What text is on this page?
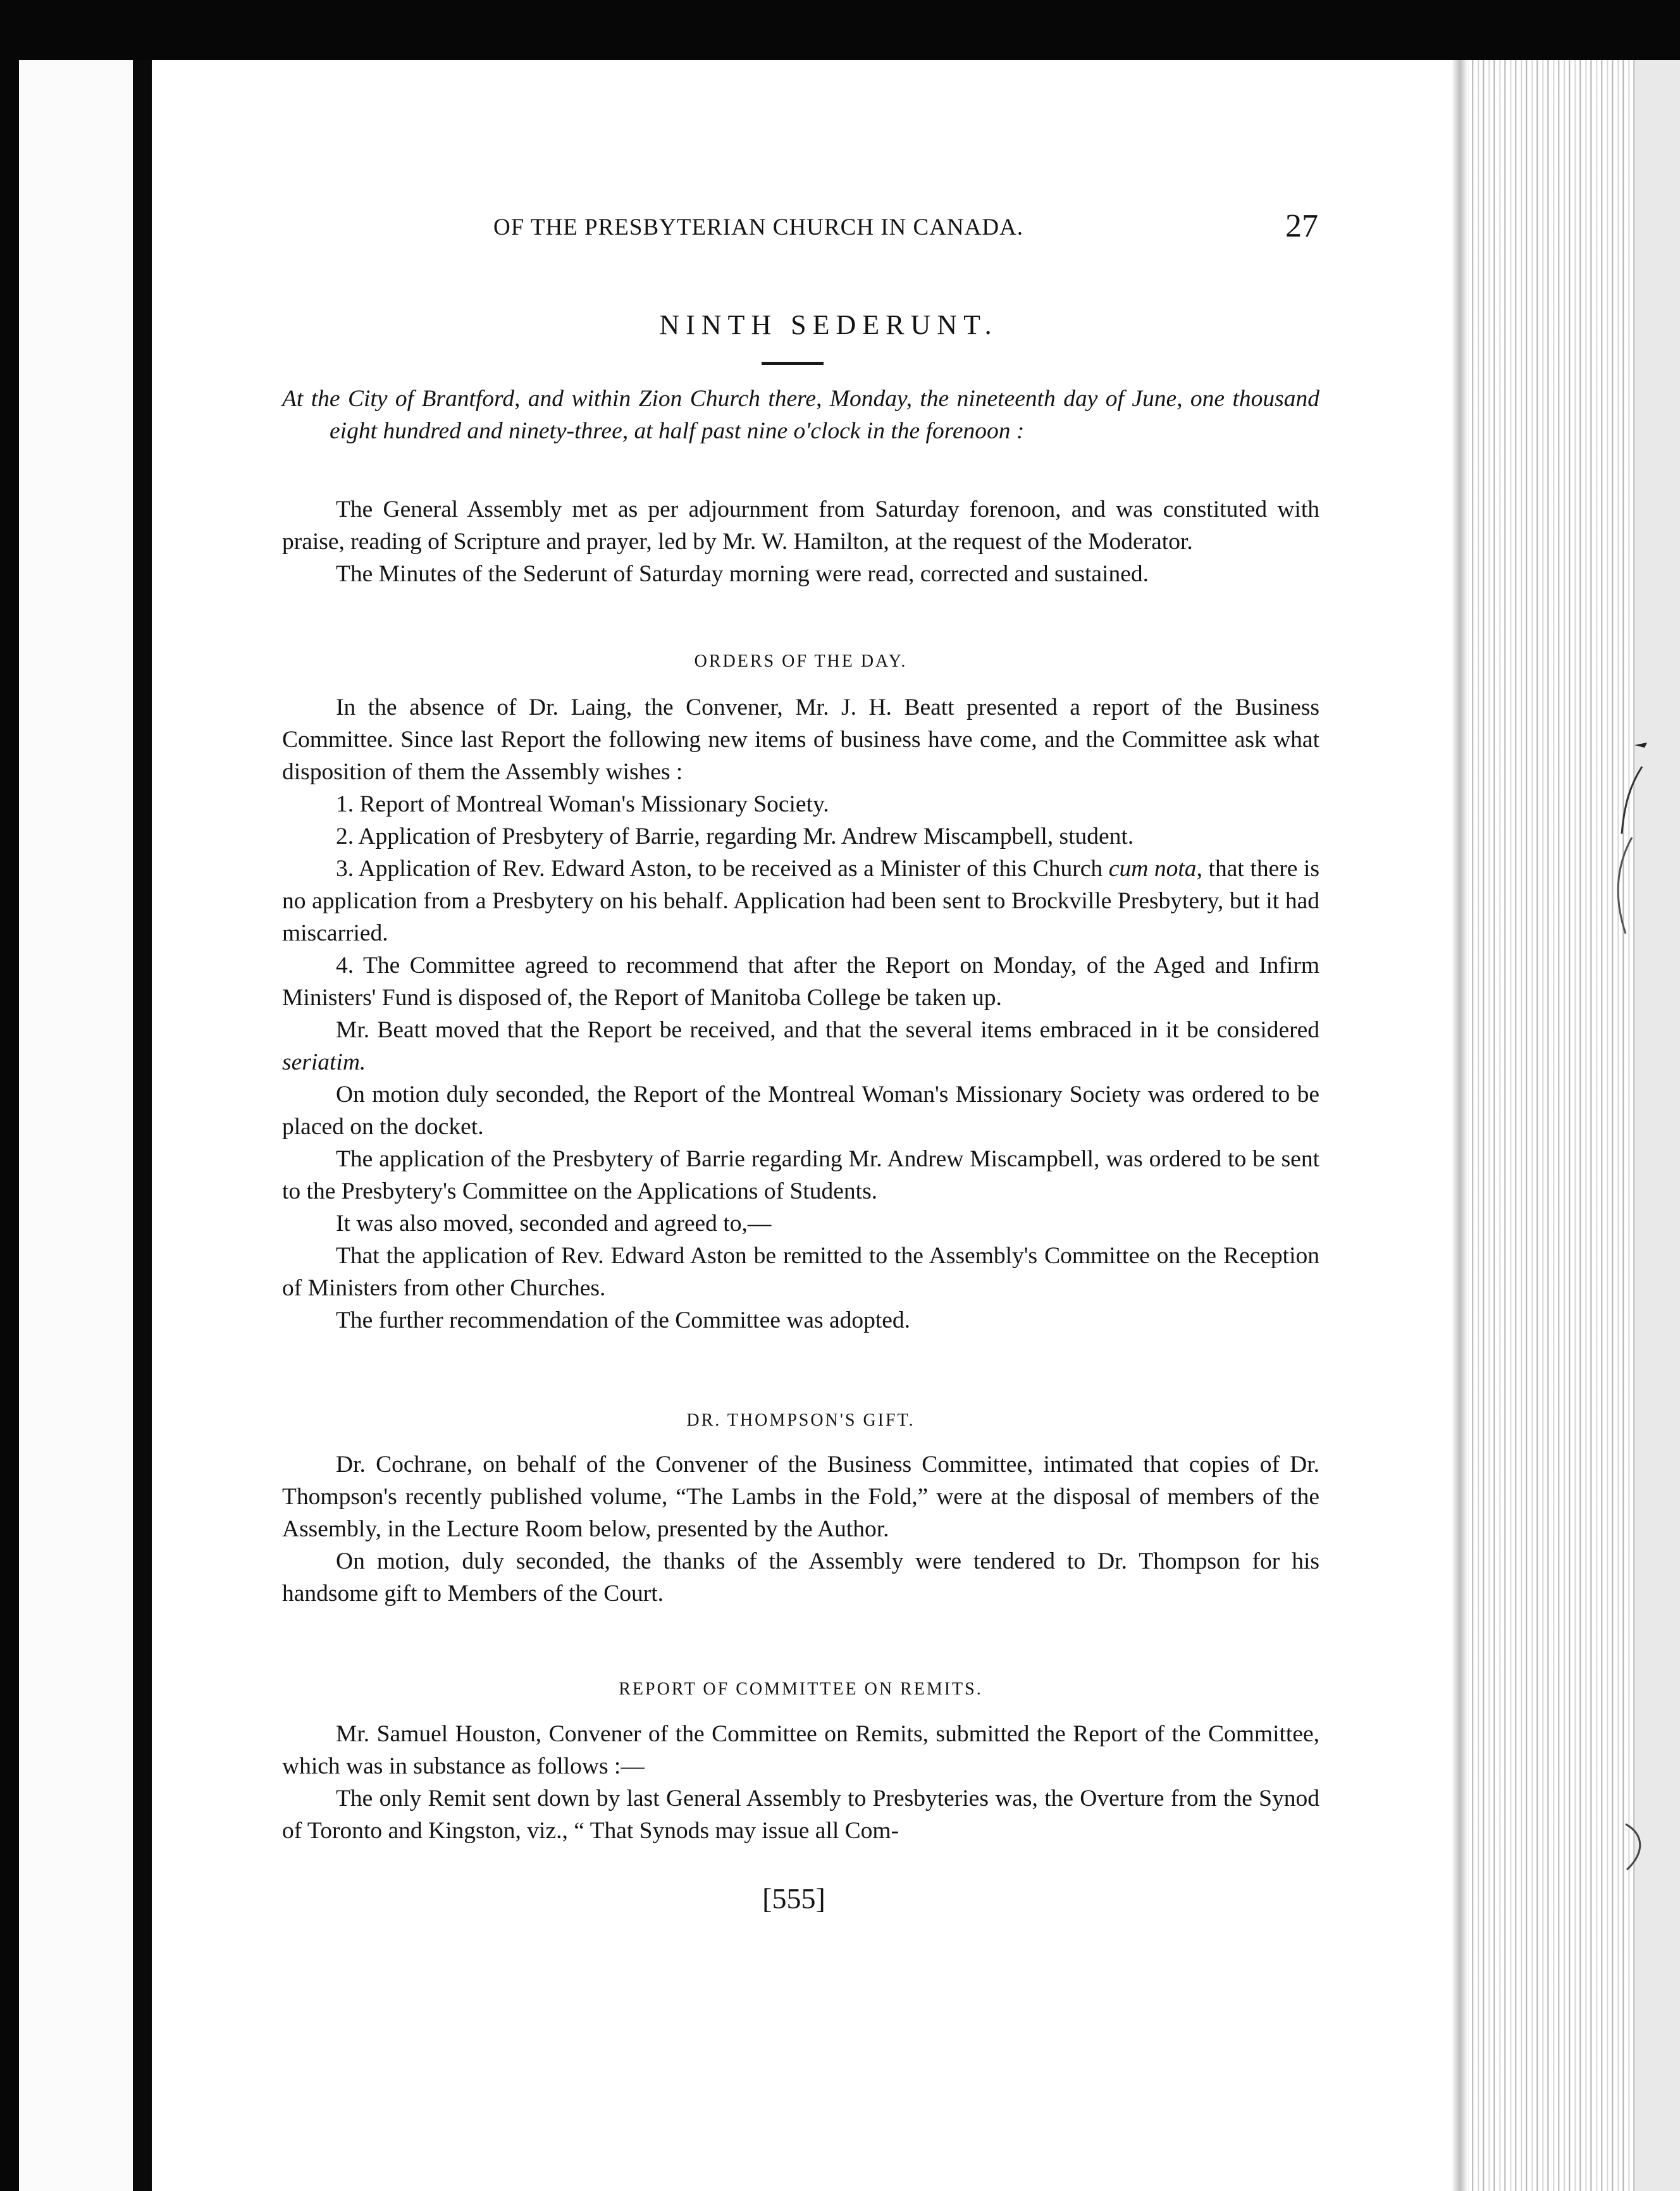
OF THE PRESBYTERIAN CHURCH IN CANADA.	27
NINTH SEDERUNT.
At the City of Brantford, and within Zion Church there, Monday, the nineteenth day of June, one thousand eight hundred and ninety-three, at half past nine o'clock in the forenoon :

The General Assembly met as per adjournment from Saturday forenoon, and was constituted with praise, reading of Scripture and prayer, led by Mr. W. Hamilton, at the request of the Moderator.

The Minutes of the Sederunt of Saturday morning were read, corrected and sustained.

ORDERS OF THE DAY.

In the absence of Dr. Laing, the Convener, Mr. J. H. Beatt presented a report of the Business Committee. Since last Report the following new items of business have come, and the Committee ask what disposition of them the Assembly wishes :

1. Report of Montreal Woman's Missionary Society.

2. Application of Presbytery of Barrie, regarding Mr. Andrew Miscampbell, student.

3. Application of Rev. Edward Aston, to be received as a Minister of this Church cum nota, that there is no application from a Presbytery on his behalf. Application had been sent to Brockville Presbytery, but it had miscarried.

4. The Committee agreed to recommend that after the Report on Monday, of the Aged and Infirm Ministers' Fund is disposed of, the Report of Manitoba College be taken up.

Mr. Beatt moved that the Report be received, and that the several items embraced in it be considered seriatim.

On motion duly seconded, the Report of the Montreal Woman's Missionary Society was ordered to be placed on the docket.

The application of the Presbytery of Barrie regarding Mr. Andrew Miscampbell, was ordered to be sent to the Presbytery's Committee on the Applications of Students.

It was also moved, seconded and agreed to,—

That the application of Rev. Edward Aston be remitted to the Assembly's Committee on the Reception of Ministers from other Churches.

The further recommendation of the Committee was adopted.

DR. THOMPSON'S GIFT.

Dr. Cochrane, on behalf of the Convener of the Business Committee, intimated that copies of Dr. Thompson's recently published volume, “The Lambs in the Fold,” were at the disposal of members of the Assembly, in the Lecture Room below, presented by the Author.

On motion, duly seconded, the thanks of the Assembly were tendered to Dr. Thompson for his handsome gift to Members of the Court.

REPORT OF COMMITTEE ON REMITS.

Mr. Samuel Houston, Convener of the Committee on Remits, submitted the Report of the Committee, which was in substance as follows :—

The only Remit sent down by last General Assembly to Presbyteries was, the Overture from the Synod of Toronto and Kingston, viz., “ That Synods may issue all Com-

[555]
